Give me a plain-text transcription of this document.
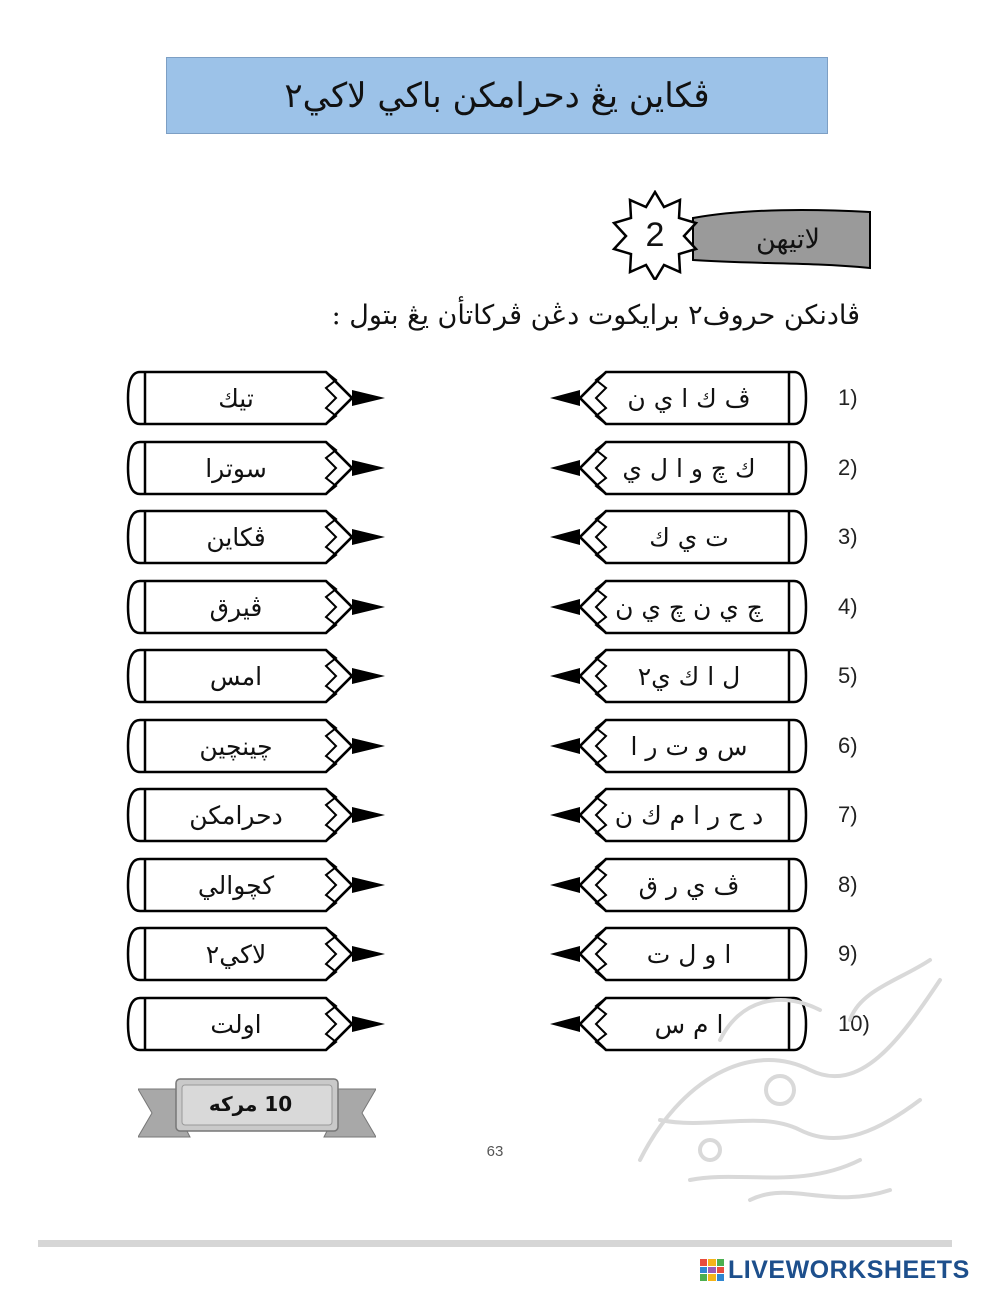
ڤكاين يڠ دحرامكن باكي لاكي٢
2	لاتيهن
ڤادنكن حروف٢ برايكوت دڠن ڤركاتأن يڠ بتول :
تيك	ڤ ك ا ي ن	1)
سوترا	ك چ و ا ل ي	2)
ڤكاين	ت ي ك	3)
ڤيرق	چ ي ن چ ي ن	4)
امس	ل ا ك ي٢	5)
چينچين	س و ت ر ا	6)
دحرامكن	د ح ر ا م ك ن	7)
كچوالي	ڤ ي ر ق	8)
لاكي٢	ا و ل ت	9)
اولت	ا م س	10)
10 مركه
63
LIVEWORKSHEETS
